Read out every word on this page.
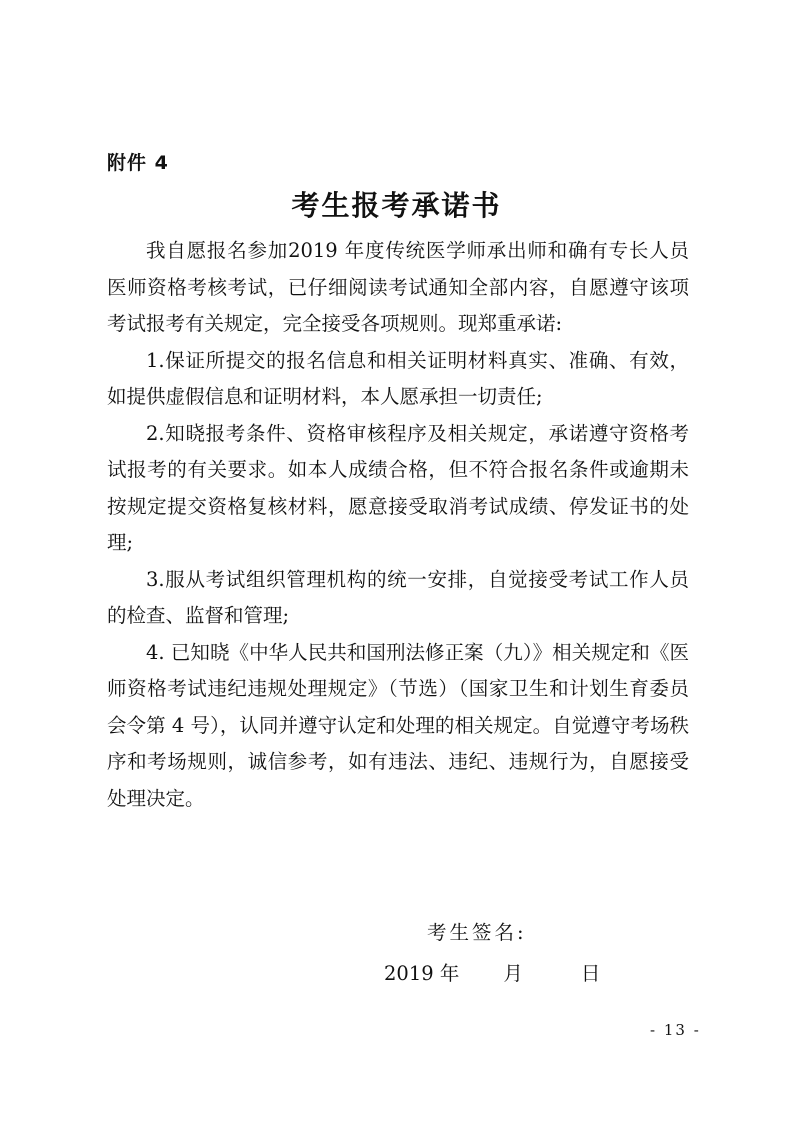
附件 4
考生报考承诺书

我自愿报名参加2019 年度传统医学师承出师和确有专长人员医师资格考核考试，已仔细阅读考试通知全部内容，自愿遵守该项考试报考有关规定，完全接受各项规则。现郑重承诺:

1.保证所提交的报名信息和相关证明材料真实、准确、有效，如提供虚假信息和证明材料，本人愿承担一切责任;

2.知晓报考条件、资格审核程序及相关规定，承诺遵守资格考试报考的有关要求。如本人成绩合格，但不符合报名条件或逾期未按规定提交资格复核材料，愿意接受取消考试成绩、停发证书的处理;

3.服从考试组织管理机构的统一安排，自觉接受考试工作人员的检查、监督和管理;

4. 已知晓《中华人民共和国刑法修正案（九）》相关规定和《医师资格考试违纪违规处理规定》（节选）（国家卫生和计划生育委员会令第 4 号），认同并遵守认定和处理的相关规定。自觉遵守考场秩序和考场规则，诚信参考，如有违法、违纪、违规行为，自愿接受处理决定。

考生签名:
2019 年 月	日
- 13 -
